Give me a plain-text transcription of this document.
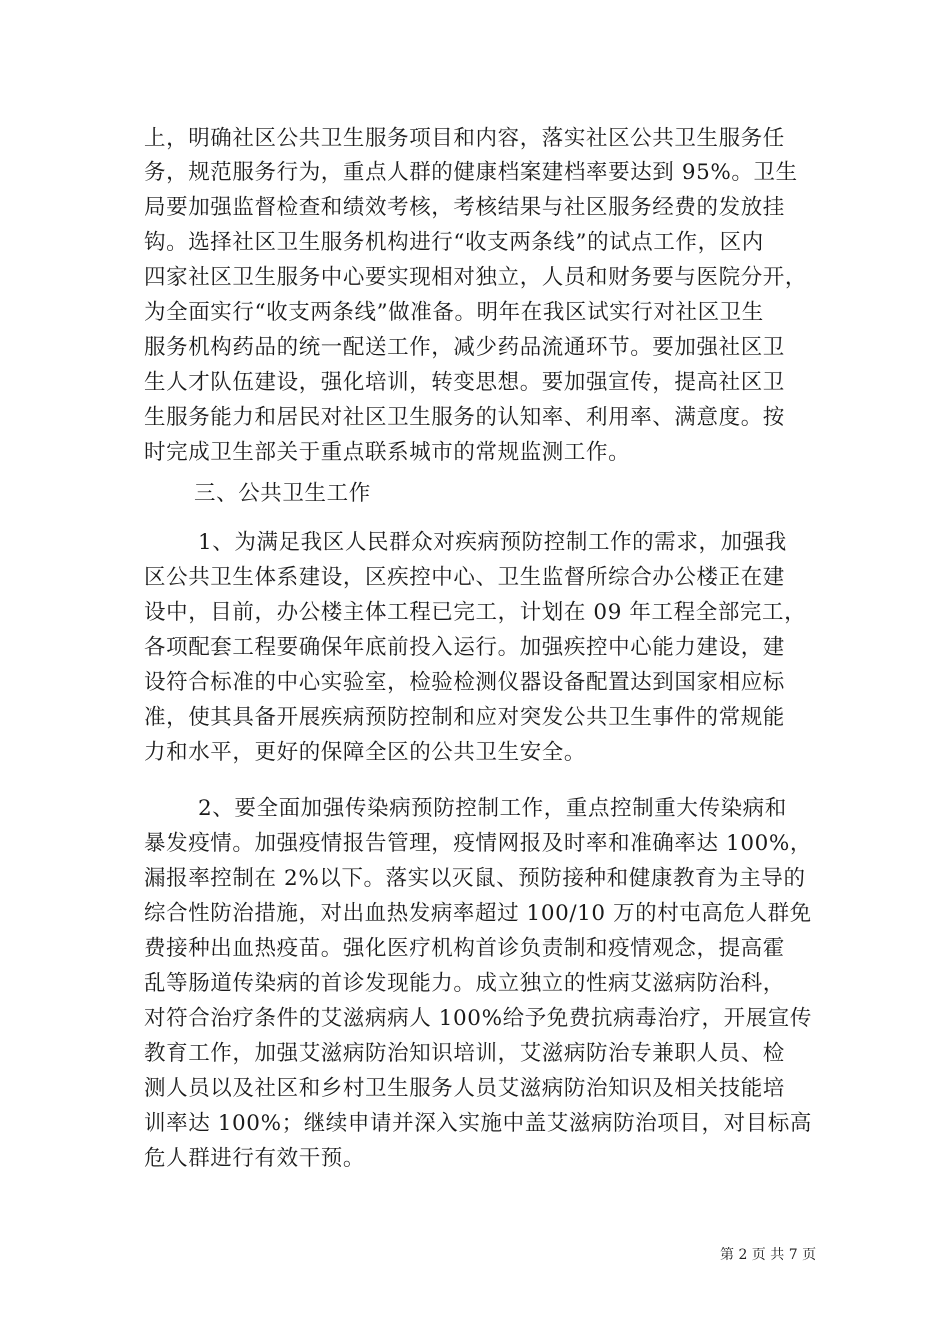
上，明确社区公共卫生服务项目和内容，落实社区公共卫生服务任
务，规范服务行为，重点人群的健康档案建档率要达到 95%。卫生
局要加强监督检查和绩效考核，考核结果与社区服务经费的发放挂
钩。选择社区卫生服务机构进行“收支两条线”的试点工作，区内
四家社区卫生服务中心要实现相对独立，人员和财务要与医院分开，
为全面实行“收支两条线”做准备。明年在我区试实行对社区卫生
服务机构药品的统一配送工作，减少药品流通环节。要加强社区卫
生人才队伍建设，强化培训，转变思想。要加强宣传，提高社区卫
生服务能力和居民对社区卫生服务的认知率、利用率、满意度。按
时完成卫生部关于重点联系城市的常规监测工作。
三、公共卫生工作
1、为满足我区人民群众对疾病预防控制工作的需求，加强我
区公共卫生体系建设，区疾控中心、卫生监督所综合办公楼正在建
设中，目前，办公楼主体工程已完工，计划在 09 年工程全部完工，
各项配套工程要确保年底前投入运行。加强疾控中心能力建设，建
设符合标准的中心实验室，检验检测仪器设备配置达到国家相应标
准，使其具备开展疾病预防控制和应对突发公共卫生事件的常规能
力和水平，更好的保障全区的公共卫生安全。
2、要全面加强传染病预防控制工作，重点控制重大传染病和
暴发疫情。加强疫情报告管理，疫情网报及时率和准确率达 100%，
漏报率控制在 2%以下。落实以灭鼠、预防接种和健康教育为主导的
综合性防治措施，对出血热发病率超过 100/10 万的村屯高危人群免
费接种出血热疫苗。强化医疗机构首诊负责制和疫情观念，提高霍
乱等肠道传染病的首诊发现能力。成立独立的性病艾滋病防治科，
对符合治疗条件的艾滋病病人 100%给予免费抗病毒治疗，开展宣传
教育工作，加强艾滋病防治知识培训，艾滋病防治专兼职人员、检
测人员以及社区和乡村卫生服务人员艾滋病防治知识及相关技能培
训率达 100%；继续申请并深入实施中盖艾滋病防治项目，对目标高
危人群进行有效干预。
第 2 页 共 7 页
